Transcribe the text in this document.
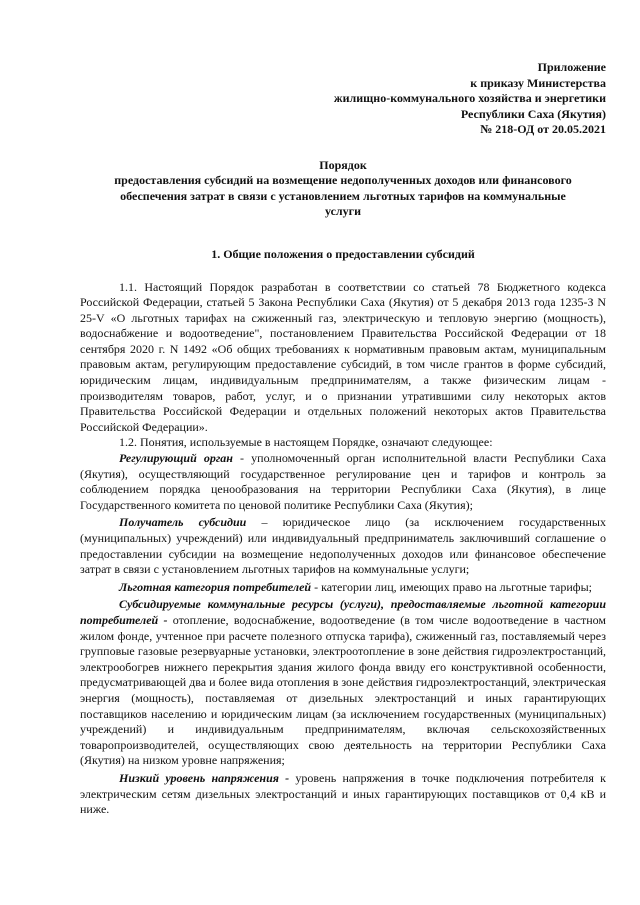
Приложение
к приказу Министерства
жилищно-коммунального хозяйства и энергетики
Республики Саха (Якутия)
№ 218-ОД от 20.05.2021
Порядок
предоставления субсидий на возмещение недополученных доходов или финансового
обеспечения затрат в связи с установлением льготных тарифов на коммунальные
услуги
1. Общие положения о предоставлении субсидий

1.1. Настоящий Порядок разработан в соответствии со статьей 78 Бюджетного кодекса Российской Федерации, статьей 5 Закона Республики Саха (Якутия) от 5 декабря 2013 года 1235-З N 25-V «О льготных тарифах на сжиженный газ, электрическую и тепловую энергию (мощность), водоснабжение и водоотведение", постановлением Правительства Российской Федерации от 18 сентября 2020 г. N 1492 «Об общих требованиях к нормативным правовым актам, муниципальным правовым актам, регулирующим предоставление субсидий, в том числе грантов в форме субсидий, юридическим лицам, индивидуальным предпринимателям, а также физическим лицам - производителям товаров, работ, услуг, и о признании утратившими силу некоторых актов Правительства Российской Федерации и отдельных положений некоторых актов Правительства Российской Федерации».

1.2. Понятия, используемые в настоящем Порядке, означают следующее:

Регулирующий орган - уполномоченный орган исполнительной власти Республики Саха (Якутия), осуществляющий государственное регулирование цен и тарифов и контроль за соблюдением порядка ценообразования на территории Республики Саха (Якутия), в лице Государственного комитета по ценовой политике Республики Саха (Якутия);

Получатель субсидии – юридическое лицо (за исключением государственных (муниципальных) учреждений) или индивидуальный предприниматель заключивший соглашение о предоставлении субсидии на возмещение недополученных доходов или финансовое обеспечение затрат в связи с установлением льготных тарифов на коммунальные услуги;

Льготная категория потребителей - категории лиц, имеющих право на льготные тарифы;

Субсидируемые коммунальные ресурсы (услуги), предоставляемые льготной категории потребителей - отопление, водоснабжение, водоотведение (в том числе водоотведение в частном жилом фонде, учтенное при расчете полезного отпуска тарифа), сжиженный газ, поставляемый через групповые газовые резервуарные установки, электроотопление в зоне действия гидроэлектростанций, электрообогрев нижнего перекрытия здания жилого фонда ввиду его конструктивной особенности, предусматривающей два и более вида отопления в зоне действия гидроэлектростанций, электрическая энергия (мощность), поставляемая от дизельных электростанций и иных гарантирующих поставщиков населению и юридическим лицам (за исключением государственных (муниципальных) учреждений) и индивидуальным предпринимателям, включая сельскохозяйственных товаропроизводителей, осуществляющих свою деятельность на территории Республики Саха (Якутия) на низком уровне напряжения;

Низкий уровень напряжения - уровень напряжения в точке подключения потребителя к электрическим сетям дизельных электростанций и иных гарантирующих поставщиков от 0,4 кВ и ниже.
